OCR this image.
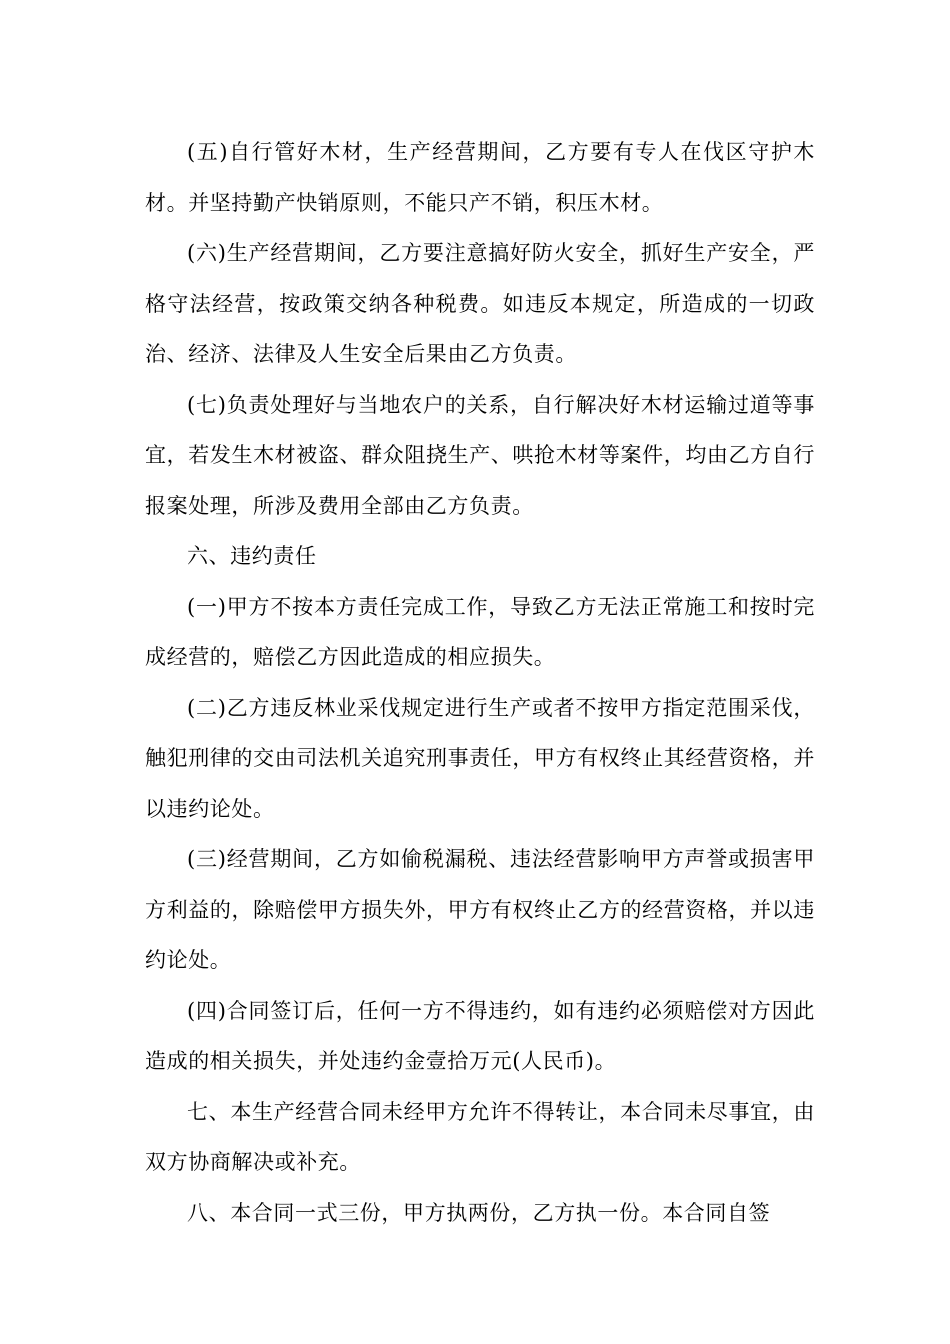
(五)自行管好木材，生产经营期间，乙方要有专人在伐区守护木材。并坚持勤产快销原则，不能只产不销，积压木材。

(六)生产经营期间，乙方要注意搞好防火安全，抓好生产安全，严格守法经营，按政策交纳各种税费。如违反本规定，所造成的一切政治、经济、法律及人生安全后果由乙方负责。

(七)负责处理好与当地农户的关系，自行解决好木材运输过道等事宜，若发生木材被盗、群众阻挠生产、哄抢木材等案件，均由乙方自行报案处理，所涉及费用全部由乙方负责。

六、违约责任

(一)甲方不按本方责任完成工作，导致乙方无法正常施工和按时完成经营的，赔偿乙方因此造成的相应损失。

(二)乙方违反林业采伐规定进行生产或者不按甲方指定范围采伐，触犯刑律的交由司法机关追究刑事责任，甲方有权终止其经营资格，并以违约论处。

(三)经营期间，乙方如偷税漏税、违法经营影响甲方声誉或损害甲方利益的，除赔偿甲方损失外，甲方有权终止乙方的经营资格，并以违约论处。

(四)合同签订后，任何一方不得违约，如有违约必须赔偿对方因此造成的相关损失，并处违约金壹拾万元(人民币)。

七、本生产经营合同未经甲方允许不得转让，本合同未尽事宜，由双方协商解决或补充。

八、本合同一式三份，甲方执两份，乙方执一份。本合同自签
